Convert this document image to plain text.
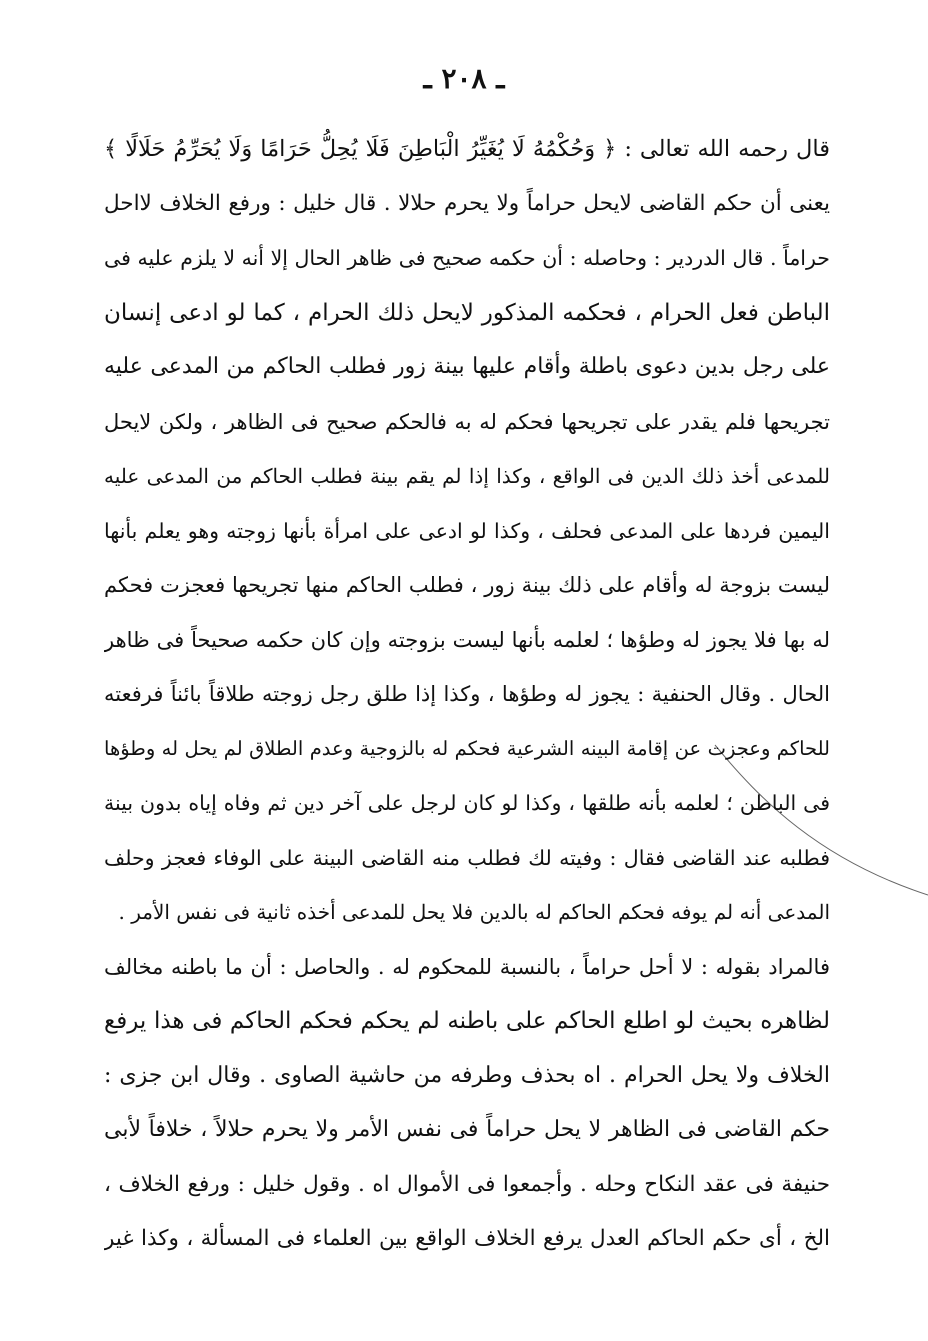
ـ ٢٠٨ ـ
قال رحمه الله تعالى : ﴿ وَحُكْمُهُ لَا يُغَيِّرُ الْبَاطِنَ فَلَا يُحِلُّ حَرَامًا وَلَا يُحَرِّمُ حَلَالًا ﴾
يعنى أن حكم القاضى لايحل حراماً ولا يحرم حلالا . قال خليل : ورفع الخلاف لااحل
حراماً . قال الدردير : وحاصله : أن حكمه صحيح فى ظاهر الحال إلا أنه لا يلزم عليه فى
الباطن فعل الحرام ، فحكمه المذكور لايحل ذلك الحرام ، كما لو ادعى إنسان
على رجل بدين دعوى باطلة وأقام عليها بينة زور فطلب الحاكم من المدعى عليه
تجريحها فلم يقدر على تجريحها فحكم له به فالحكم صحيح فى الظاهر ، ولكن لايحل
للمدعى أخذ ذلك الدين فى الواقع ، وكذا إذا لم يقم بينة فطلب الحاكم من المدعى عليه
اليمين فردها على المدعى فحلف ، وكذا لو ادعى على امرأة بأنها زوجته وهو يعلم بأنها
ليست بزوجة له وأقام على ذلك بينة زور ، فطلب الحاكم منها تجريحها فعجزت فحكم
له بها فلا يجوز له وطؤها ؛ لعلمه بأنها ليست بزوجته وإن كان حكمه صحيحاً فى ظاهر
الحال . وقال الحنفية : يجوز له وطؤها ، وكذا إذا طلق رجل زوجته طلاقاً بائناً فرفعته
للحاكم وعجزت عن إقامة البينه الشرعية فحكم له بالزوجية وعدم الطلاق لم يحل له وطؤها
فى الباطن ؛ لعلمه بأنه طلقها ، وكذا لو كان لرجل على آخر دين ثم وفاه إياه بدون بينة
فطلبه عند القاضى فقال : وفيته لك فطلب منه القاضى البينة على الوفاء فعجز وحلف
المدعى أنه لم يوفه فحكم الحاكم له بالدين فلا يحل للمدعى أخذه ثانية فى نفس الأمر .
فالمراد بقوله : لا أحل حراماً ، بالنسبة للمحكوم له . والحاصل : أن ما باطنه مخالف
لظاهره بحيث لو اطلع الحاكم على باطنه لم يحكم فحكم الحاكم فى هذا يرفع
الخلاف ولا يحل الحرام . اه بحذف وطرفه من حاشية الصاوى . وقال ابن جزى :
حكم القاضى فى الظاهر لا يحل حراماً فى نفس الأمر ولا يحرم حلالاً ، خلافاً لأبى
حنيفة فى عقد النكاح وحله . وأجمعوا فى الأموال اه . وقول خليل : ورفع الخلاف ،
الخ ، أى حكم الحاكم العدل يرفع الخلاف الواقع بين العلماء فى المسألة ، وكذا غير
